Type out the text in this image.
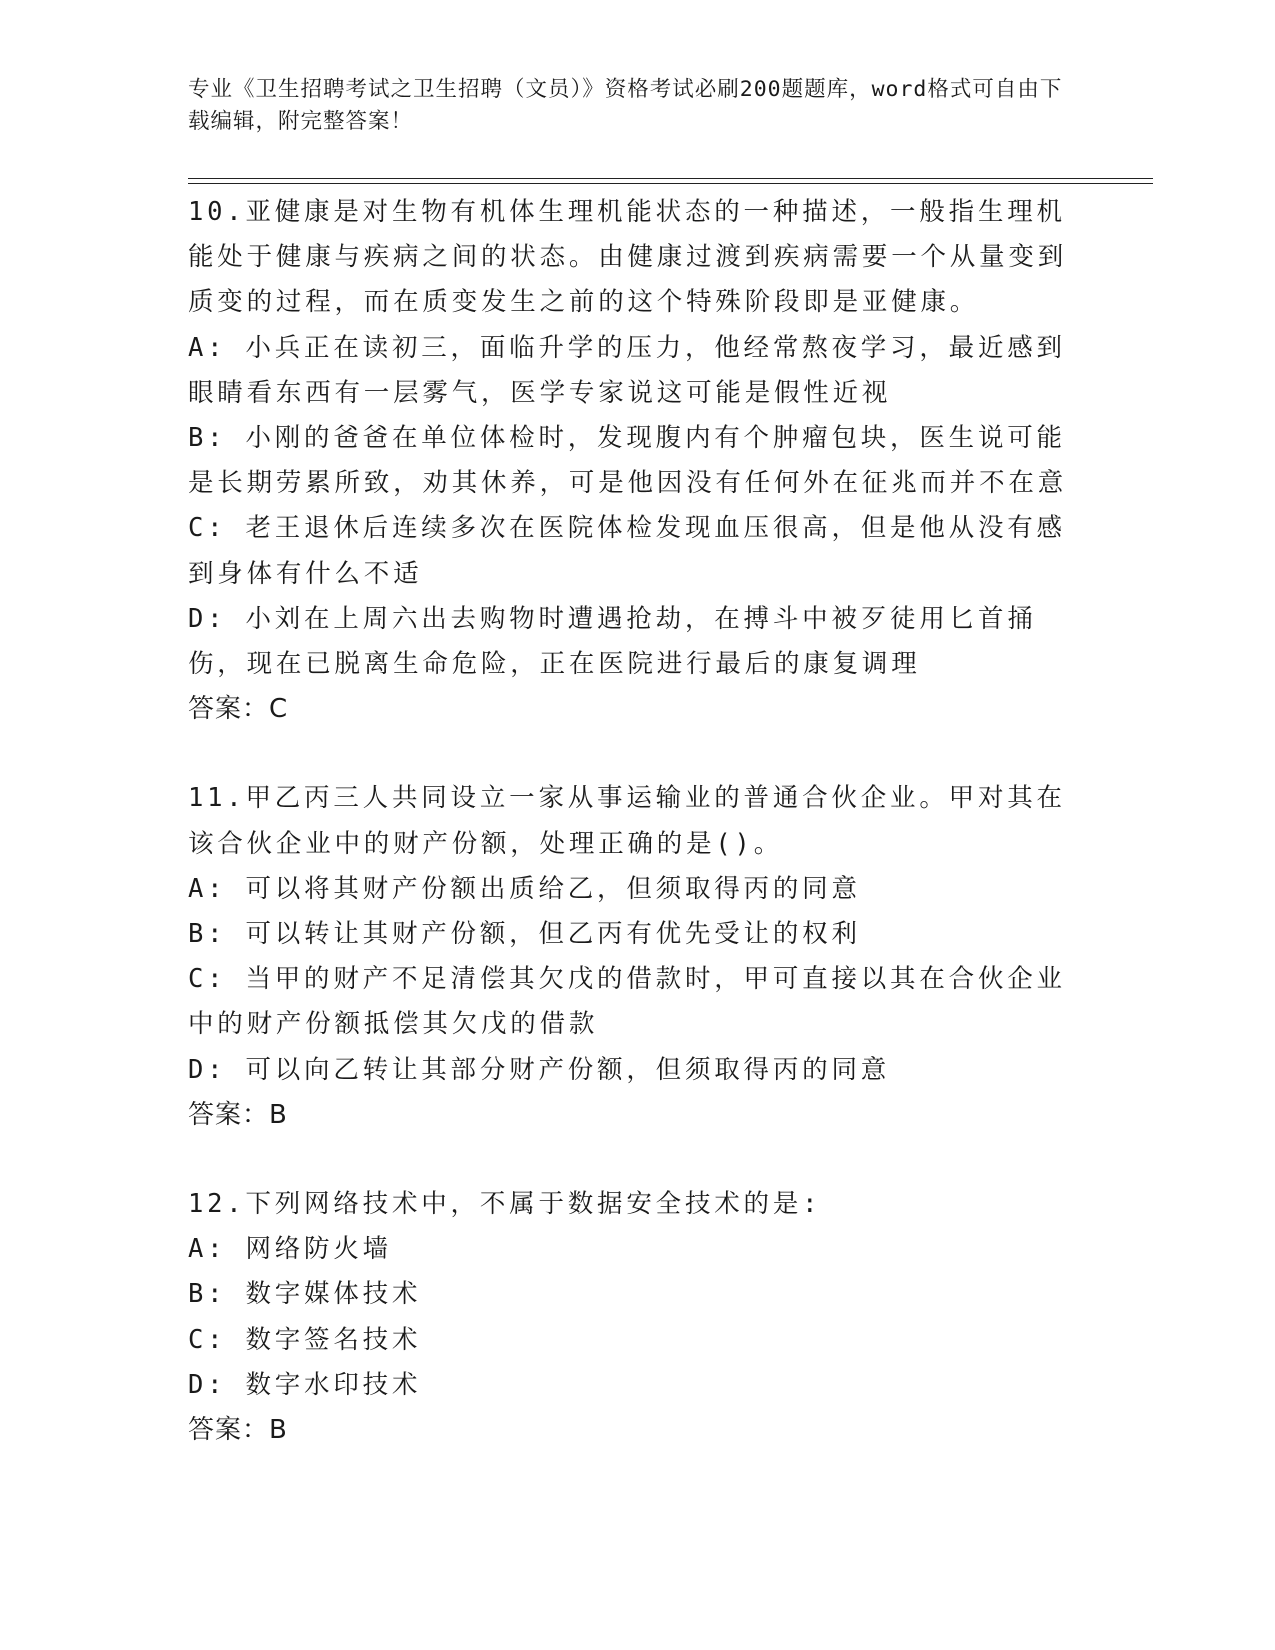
专业《卫生招聘考试之卫生招聘（文员）》资格考试必刷200题题库，word格式可自由下载编辑，附完整答案！

10.亚健康是对生物有机体生理机能状态的一种描述，一般指生理机能处于健康与疾病之间的状态。由健康过渡到疾病需要一个从量变到质变的过程，而在质变发生之前的这个特殊阶段即是亚健康。

A: 小兵正在读初三，面临升学的压力，他经常熬夜学习，最近感到眼睛看东西有一层雾气，医学专家说这可能是假性近视

B: 小刚的爸爸在单位体检时，发现腹内有个肿瘤包块，医生说可能是长期劳累所致，劝其休养，可是他因没有任何外在征兆而并不在意

C: 老王退休后连续多次在医院体检发现血压很高，但是他从没有感到身体有什么不适

D: 小刘在上周六出去购物时遭遇抢劫，在搏斗中被歹徒用匕首捅伤，现在已脱离生命危险，正在医院进行最后的康复调理

答案：C

11.甲乙丙三人共同设立一家从事运输业的普通合伙企业。甲对其在该合伙企业中的财产份额，处理正确的是()。

A: 可以将其财产份额出质给乙，但须取得丙的同意

B: 可以转让其财产份额，但乙丙有优先受让的权利

C: 当甲的财产不足清偿其欠戊的借款时，甲可直接以其在合伙企业中的财产份额抵偿其欠戊的借款

D: 可以向乙转让其部分财产份额，但须取得丙的同意

答案：B

12.下列网络技术中，不属于数据安全技术的是:

A: 网络防火墙

B: 数字媒体技术

C: 数字签名技术

D: 数字水印技术

答案：B
